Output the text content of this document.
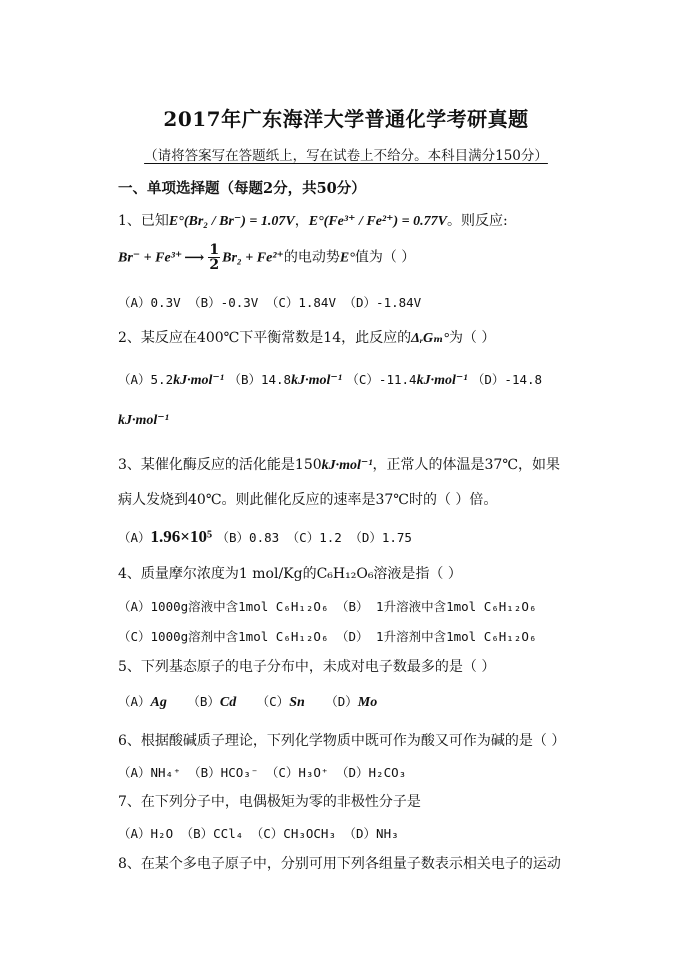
2017年广东海洋大学普通化学考研真题
（请将答案写在答题纸上，写在试卷上不给分。本科目满分150分）
一、单项选择题（每题2分，共50分）
1、已知E°(Br₂ / Br⁻) = 1.07V，E°(Fe³⁺ / Fe²⁺) = 0.77V。则反应:
Br⁻ + Fe³⁺ ⟶ $\frac{1}{2} Br_2 + Fe^{2+}$的电动势E°值为（ ）
（A）0.3V （B）-0.3V （C）1.84V （D）-1.84V
2、某反应在400℃下平衡常数是14，此反应的ΔᵣGₘ°为（ ）
（A）5.2kJ·mol⁻¹ （B）14.8kJ·mol⁻¹ （C）-11.4kJ·mol⁻¹ （D）-14.8
kJ·mol⁻¹
3、某催化酶反应的活化能是150kJ·mol⁻¹，正常人的体温是37℃，如果
病人发烧到40℃。则此催化反应的速率是37℃时的（ ）倍。
（A）1.96×10⁵ （B）0.83 （C）1.2 （D）1.75
4、质量摩尔浓度为1 mol/Kg的C₆H₁₂O₆溶液是指（ ）
（A）1000g溶液中含1mol C₆H₁₂O₆ （B） 1升溶液中含1mol C₆H₁₂O₆
（C）1000g溶剂中含1mol C₆H₁₂O₆ （D） 1升溶剂中含1mol C₆H₁₂O₆
5、下列基态原子的电子分布中，未成对电子数最多的是（ ）
（A）Ag （B）Cd （C）Sn （D）Mo
6、根据酸碱质子理论，下列化学物质中既可作为酸又可作为碱的是（ ）
（A）NH₄⁺ （B）HCO₃⁻ （C）H₃O⁺ （D）H₂CO₃
7、在下列分子中，电偶极矩为零的非极性分子是
（A）H₂O （B）CCl₄ （C）CH₃OCH₃ （D）NH₃
8、在某个多电子原子中，分别可用下列各组量子数表示相关电子的运动
